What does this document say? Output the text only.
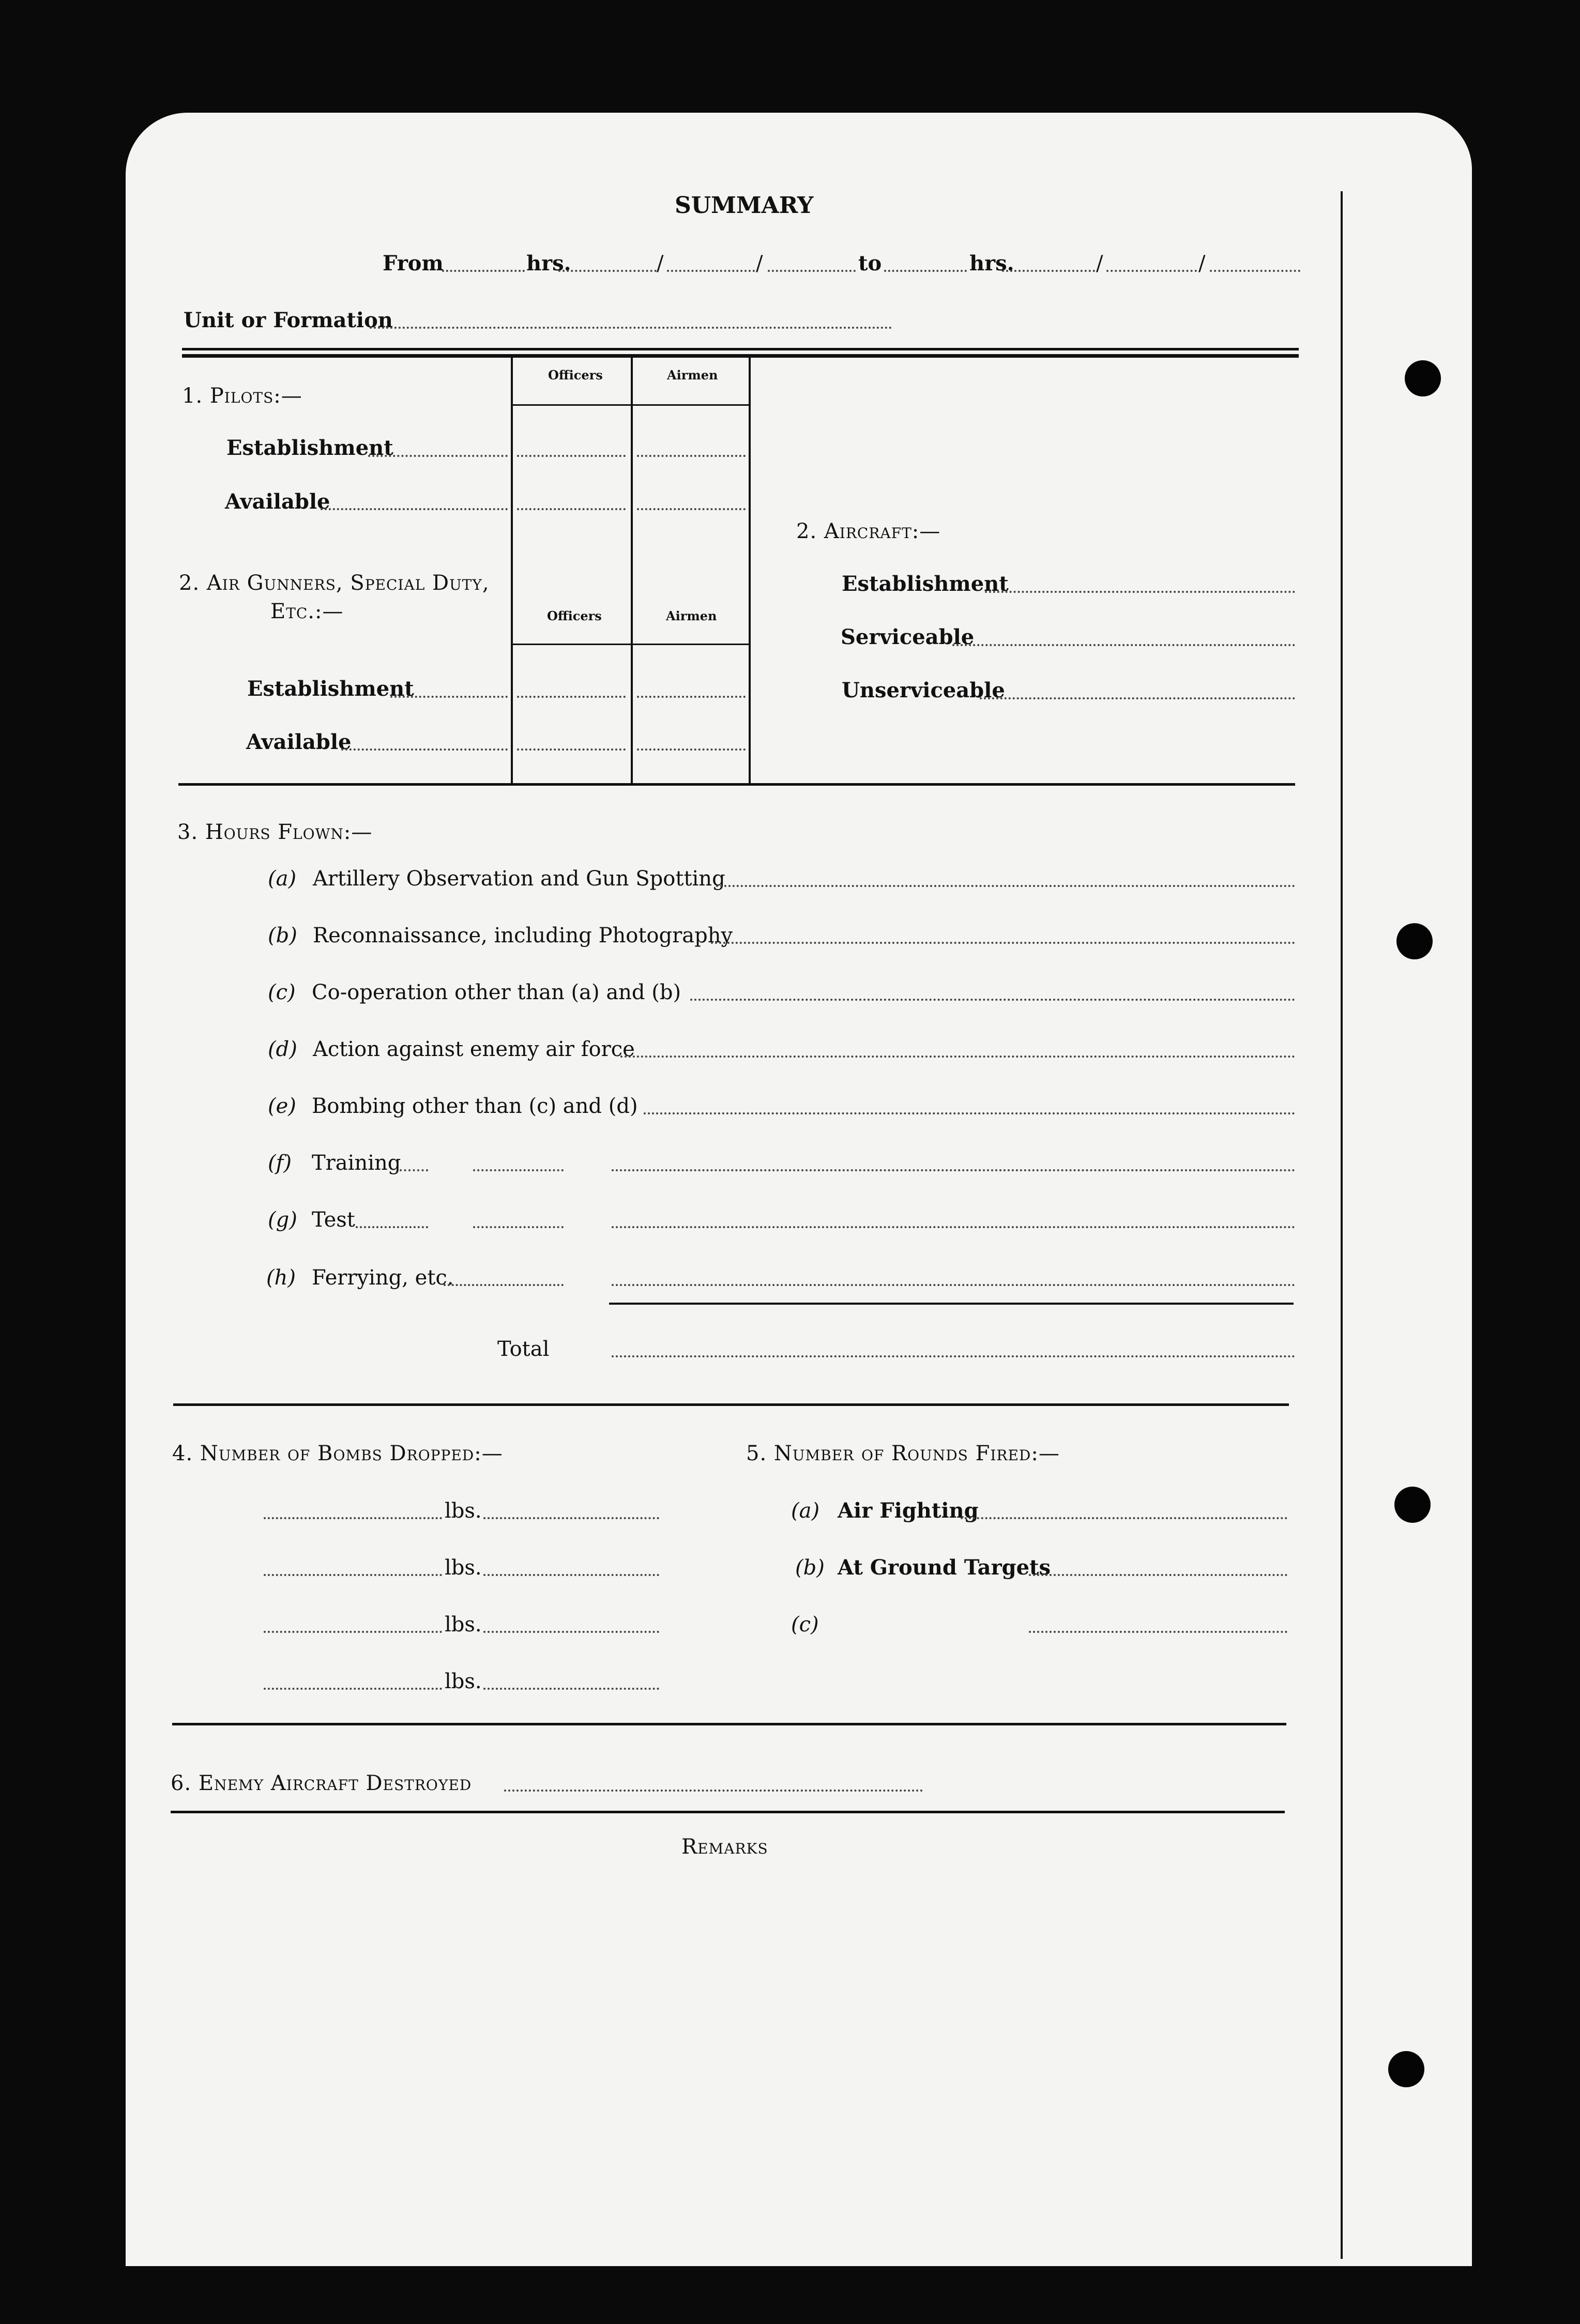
SUMMARY
From	hrs.	/	/	to	hrs.	/	/
Unit or Formation
1. Pilots:—
Officers	Airmen
Establishment
Available
2. Air Gunners, Special Duty,
Etc.:—	Officers	Airmen
Establishment
Available
2. Aircraft:—
Establishment
Serviceable
Unserviceable
3. Hours Flown:—
(a) Artillery Observation and Gun Spotting
(b) Reconnaissance, including Photography
(c) Co-operation other than (a) and (b)
(d) Action against enemy air force
(e) Bombing other than (c) and (d)
(f) Training
(g) Test
(h) Ferrying, etc.
Total
4. Number of Bombs Dropped:—
lbs.
lbs.
lbs.
lbs.
5. Number of Rounds Fired:—
(a) Air Fighting
(b) At Ground Targets
(c)
6. Enemy Aircraft Destroyed
Remarks
